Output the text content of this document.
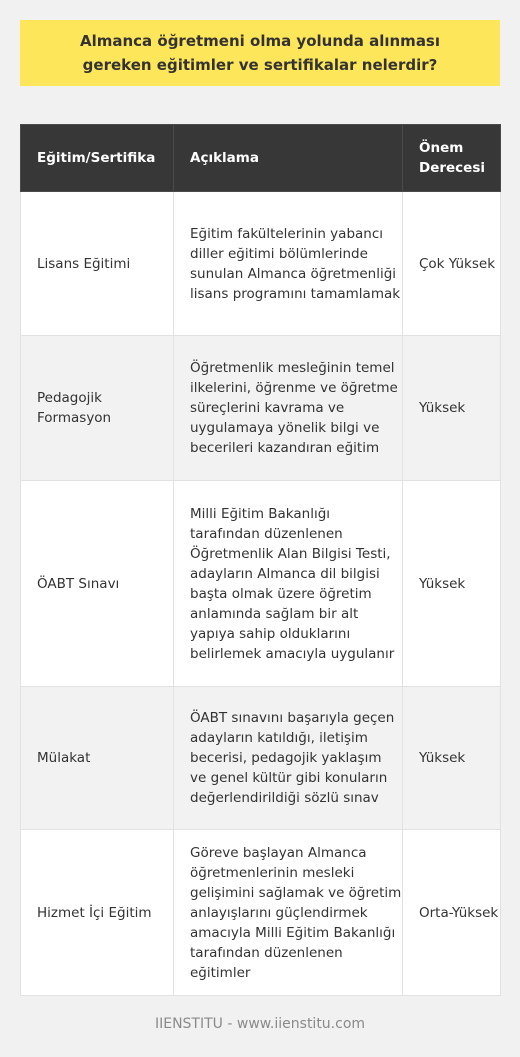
Almanca öğretmeni olma yolunda alınması gereken eğitimler ve sertifikalar nelerdir?
Eğitim/Sertifika	Açıklama	Önem Derecesi
Lisans Eğitimi	Eğitim fakültelerinin yabancı diller eğitimi bölümlerinde sunulan Almanca öğretmenliği lisans programını tamamlamak	Çok Yüksek
Pedagojik Formasyon	Öğretmenlik mesleğinin temel ilkelerini, öğrenme ve öğretme süreçlerini kavrama ve uygulamaya yönelik bilgi ve becerileri kazandıran eğitim	Yüksek
ÖABT Sınavı	Milli Eğitim Bakanlığı tarafından düzenlenen Öğretmenlik Alan Bilgisi Testi, adayların Almanca dil bilgisi başta olmak üzere öğretim anlamında sağlam bir alt yapıya sahip olduklarını belirlemek amacıyla uygulanır	Yüksek
Mülakat	ÖABT sınavını başarıyla geçen adayların katıldığı, iletişim becerisi, pedagojik yaklaşım ve genel kültür gibi konuların değerlendirildiği sözlü sınav	Yüksek
Hizmet İçi Eğitim	Göreve başlayan Almanca öğretmenlerinin mesleki gelişimini sağlamak ve öğretim anlayışlarını güçlendirmek amacıyla Milli Eğitim Bakanlığı tarafından düzenlenen eğitimler	Orta-Yüksek
IIENSTITU - www.iienstitu.com
